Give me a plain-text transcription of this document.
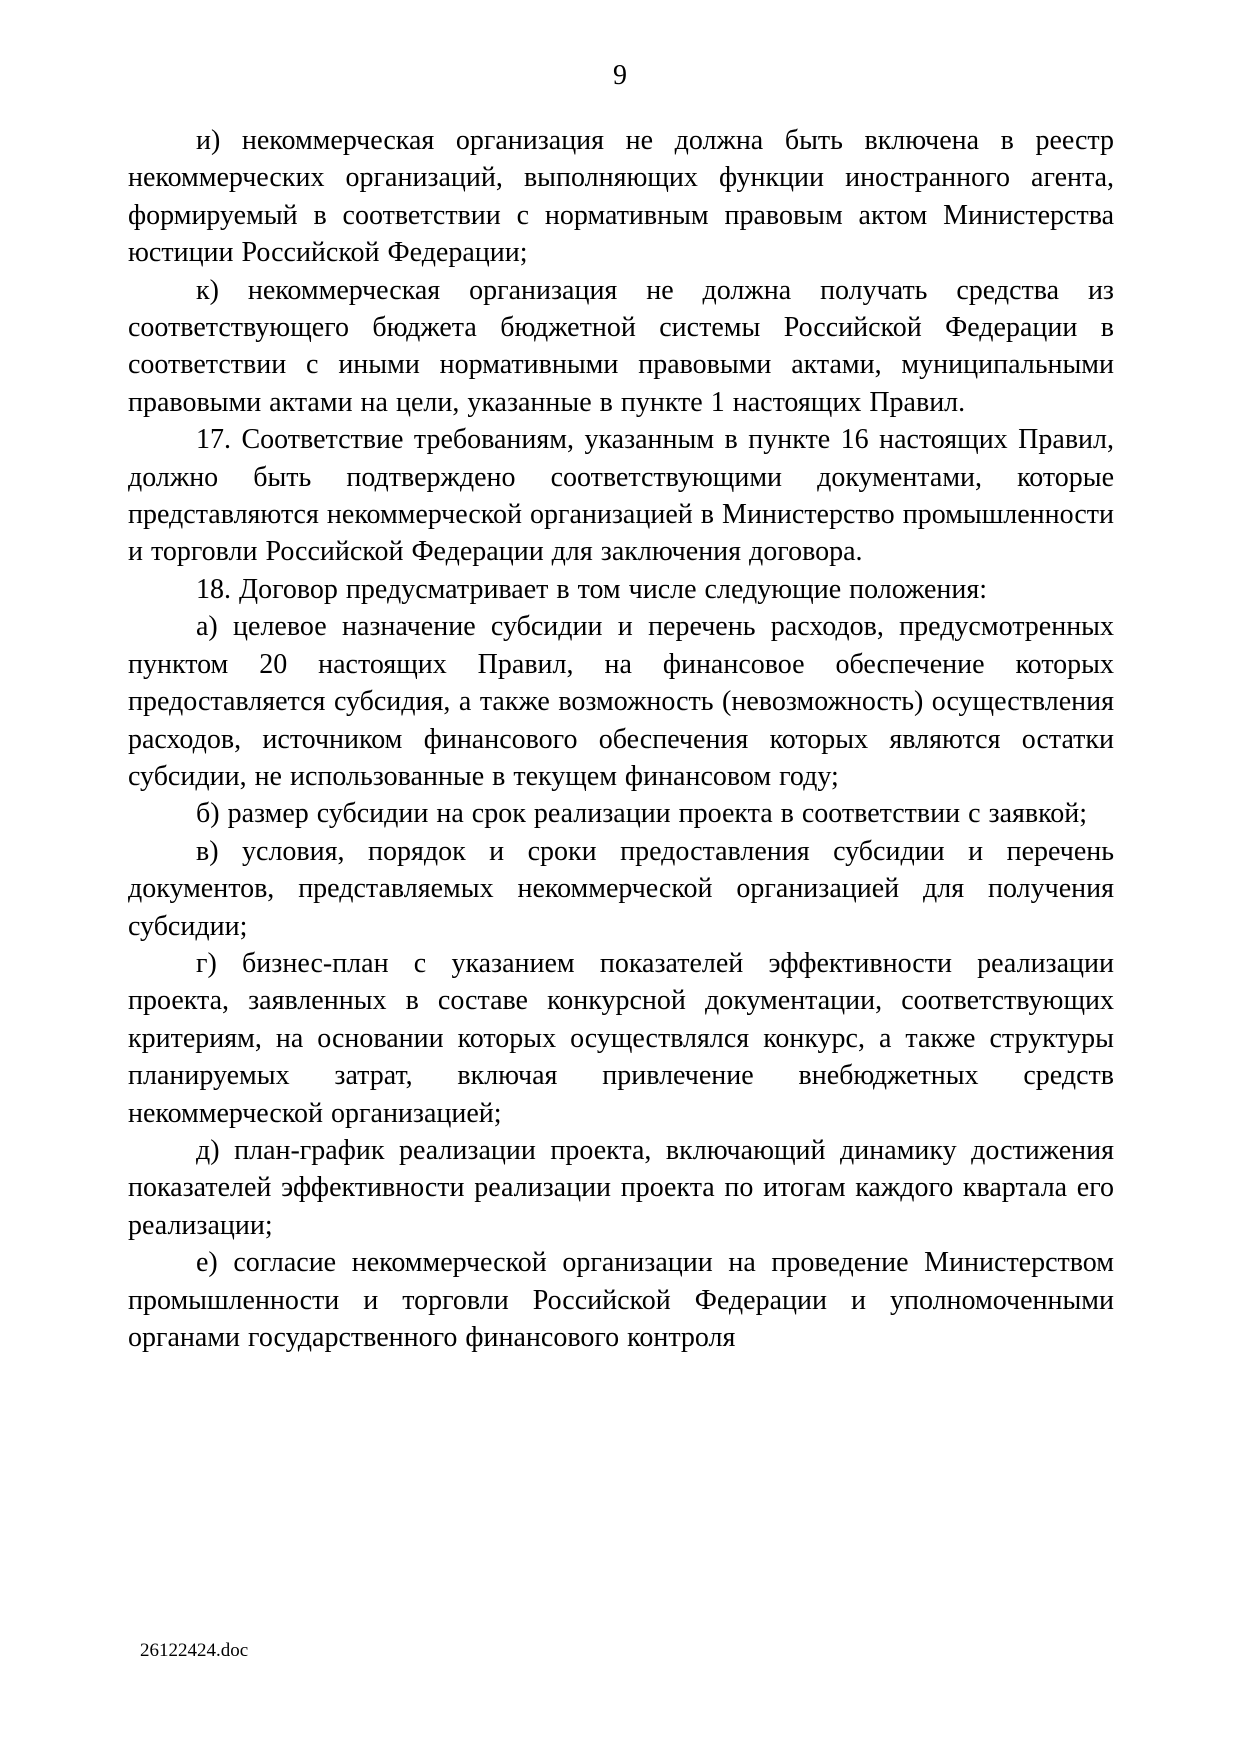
9

и) некоммерческая организация не должна быть включена в реестр некоммерческих организаций, выполняющих функции иностранного агента, формируемый в соответствии с нормативным правовым актом Министерства юстиции Российской Федерации;

к) некоммерческая организация не должна получать средства из соответствующего бюджета бюджетной системы Российской Федерации в соответствии с иными нормативными правовыми актами, муниципальными правовыми актами на цели, указанные в пункте 1 настоящих Правил.

17. Соответствие требованиям, указанным в пункте 16 настоящих Правил, должно быть подтверждено соответствующими документами, которые представляются некоммерческой организацией в Министерство промышленности и торговли Российской Федерации для заключения договора.

18. Договор предусматривает в том числе следующие положения:

а) целевое назначение субсидии и перечень расходов, предусмотренных пунктом 20 настоящих Правил, на финансовое обеспечение которых предоставляется субсидия, а также возможность (невозможность) осуществления расходов, источником финансового обеспечения которых являются остатки субсидии, не использованные в текущем финансовом году;

б) размер субсидии на срок реализации проекта в соответствии с заявкой;

в) условия, порядок и сроки предоставления субсидии и перечень документов, представляемых некоммерческой организацией для получения субсидии;

г) бизнес-план с указанием показателей эффективности реализации проекта, заявленных в составе конкурсной документации, соответствующих критериям, на основании которых осуществлялся конкурс, а также структуры планируемых затрат, включая привлечение внебюджетных средств некоммерческой организацией;

д) план-график реализации проекта, включающий динамику достижения показателей эффективности реализации проекта по итогам каждого квартала его реализации;

е) согласие некоммерческой организации на проведение Министерством промышленности и торговли Российской Федерации и уполномоченными органами государственного финансового контроля

26122424.doc
